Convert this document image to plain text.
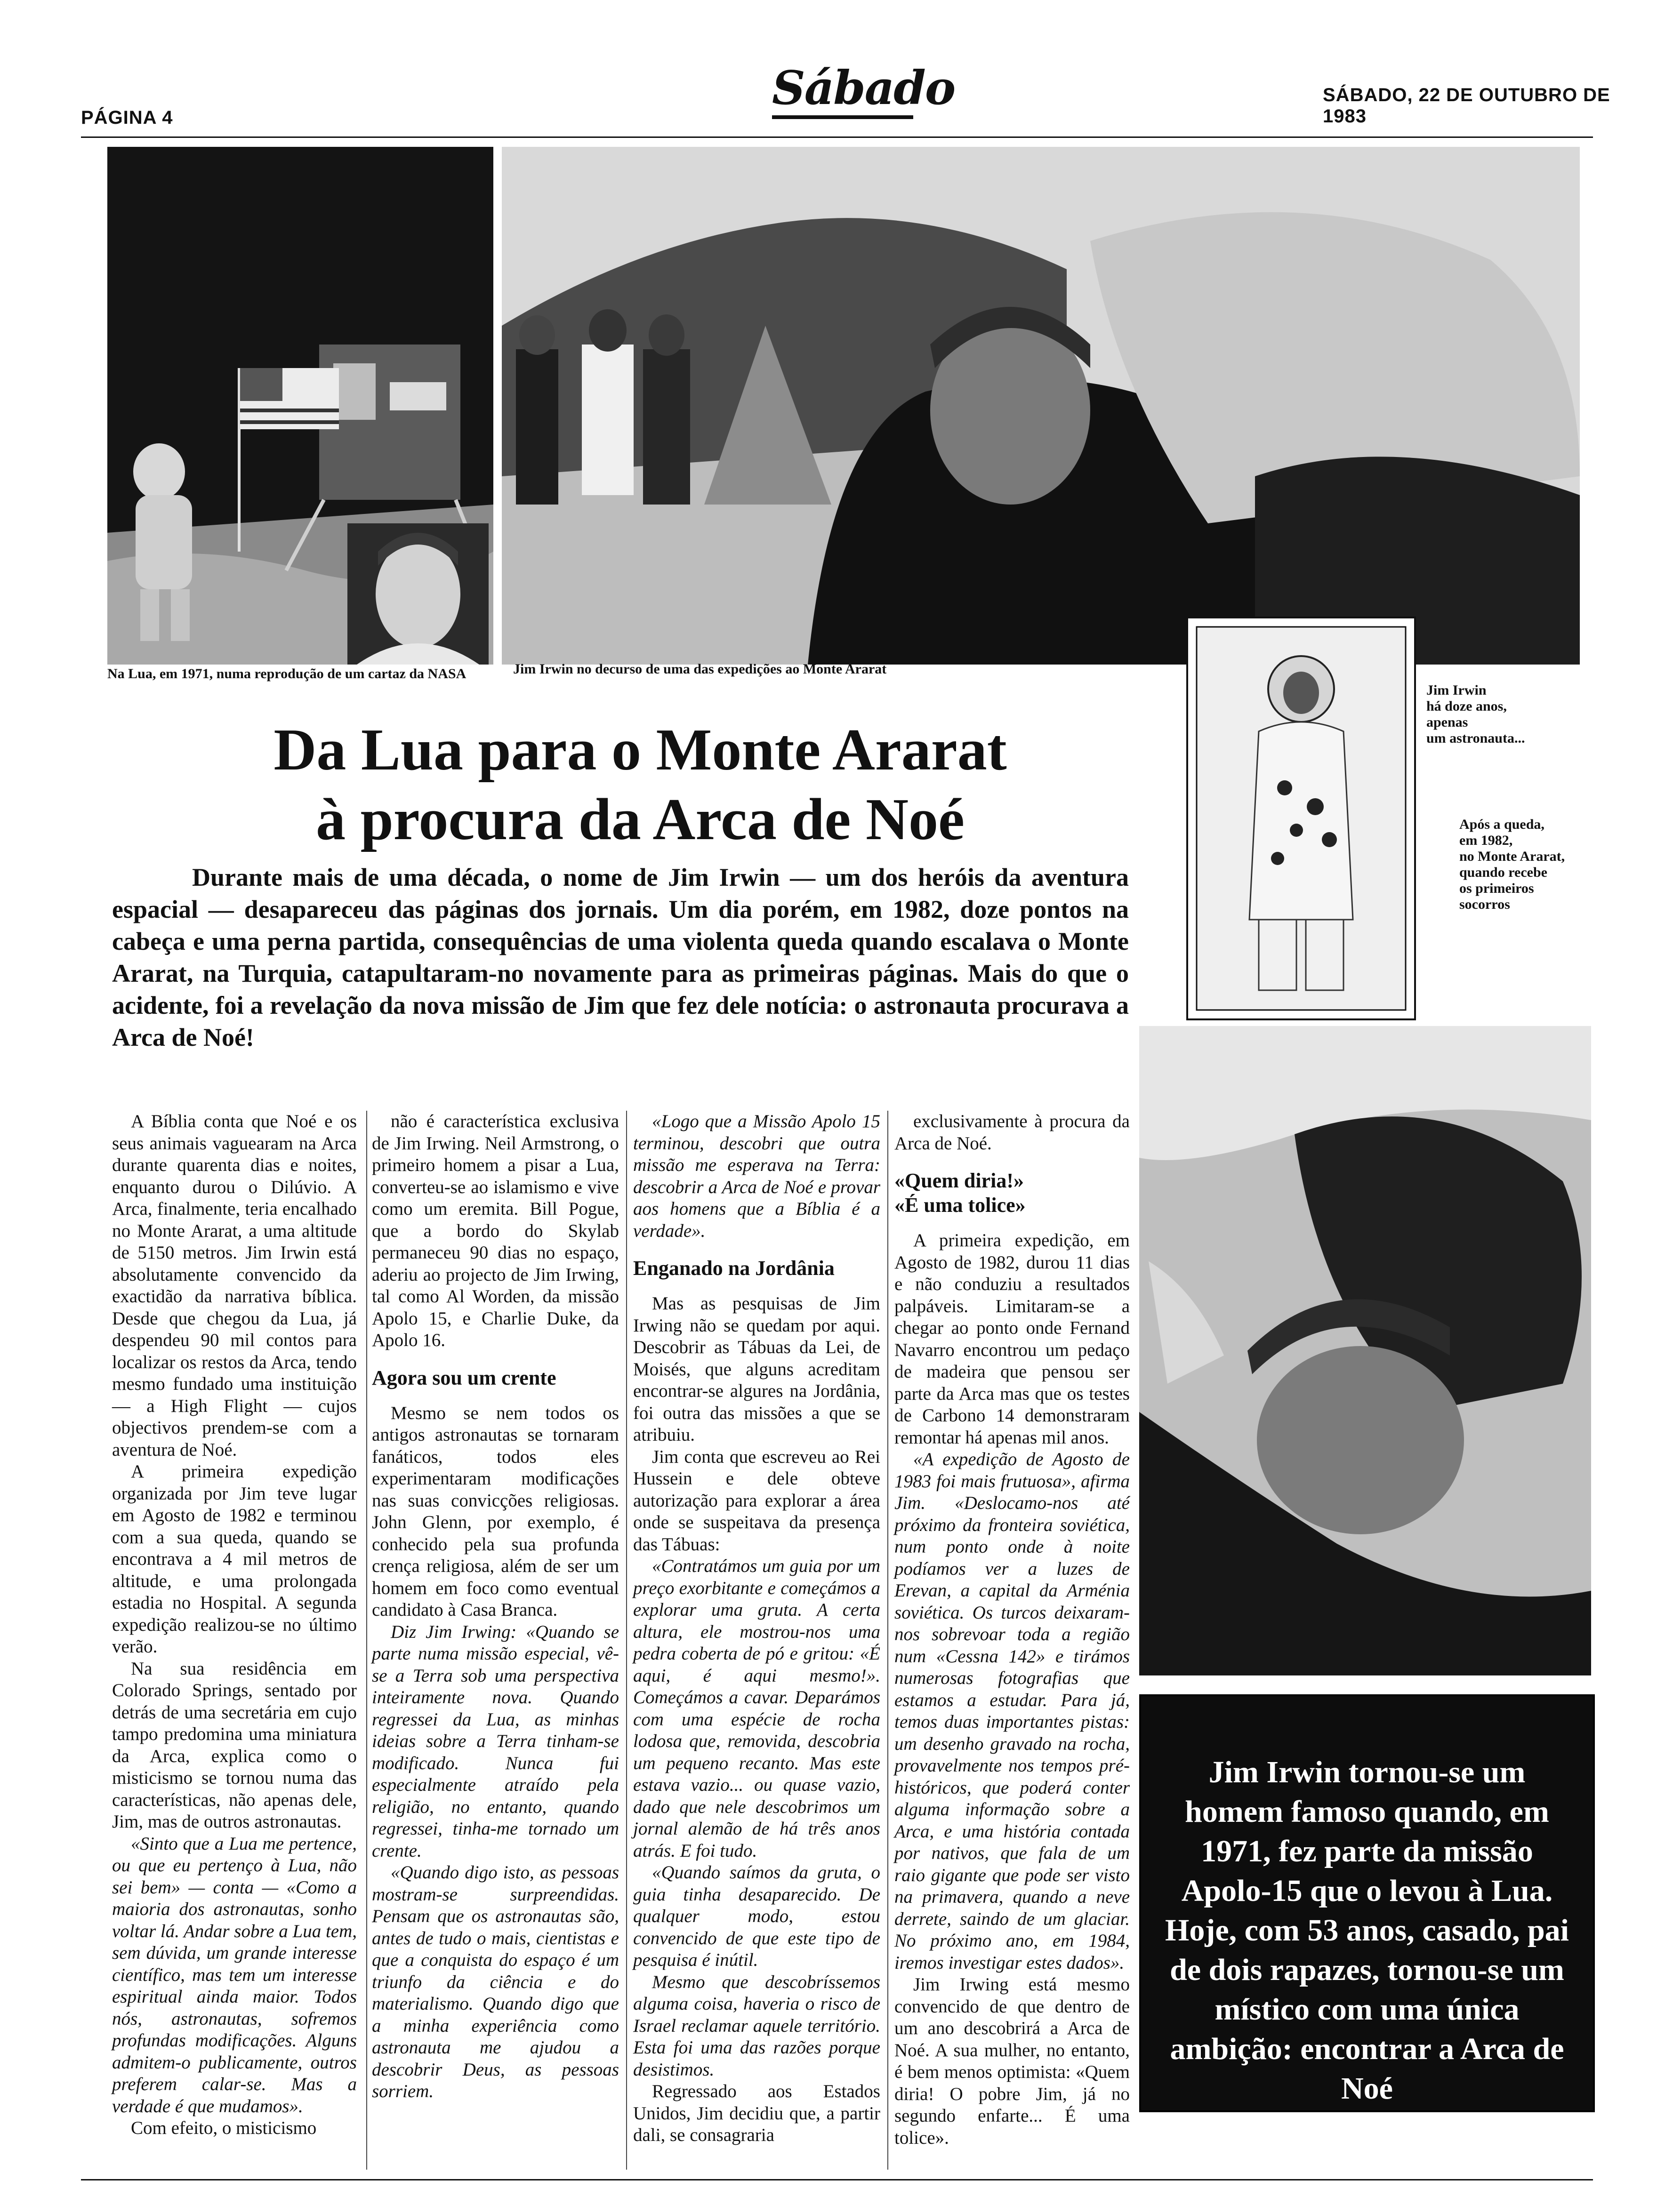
PÁGINA 4
Sábado	SÁBADO, 22 DE OUTUBRO DE 1983
Na Lua, em 1971, numa reprodução de um cartaz da NASA	Jim Irwin no decurso de uma das expedições ao Monte Ararat
Jim Irwin
há doze anos,
apenas
um astronauta...
Após a queda,
em 1982,
no Monte Ararat,
quando recebe
os primeiros
socorros
Da Lua para o Monte Ararat
à procura da Arca de Noé
Durante mais de uma década, o nome de Jim Irwin — um dos heróis da aventura espacial — desapareceu das páginas dos jornais. Um dia porém, em 1982, doze pontos na cabeça e uma perna partida, consequências de uma violenta queda quando escalava o Monte Ararat, na Turquia, catapultaram-no novamente para as primeiras páginas. Mais do que o acidente, foi a revelação da nova missão de Jim que fez dele notícia: o astronauta procurava a Arca de Noé!

A Bíblia conta que Noé e os seus animais vaguearam na Arca durante quarenta dias e noites, enquanto durou o Dilúvio. A Arca, finalmente, teria encalhado no Monte Ararat, a uma altitude de 5150 metros. Jim Irwin está absolutamente convencido da exactidão da narrativa bíblica. Desde que chegou da Lua, já despendeu 90 mil contos para localizar os restos da Arca, tendo mesmo fundado uma instituição — a High Flight — cujos objectivos prendem-se com a aventura de Noé.

A primeira expedição organizada por Jim teve lugar em Agosto de 1982 e terminou com a sua queda, quando se encontrava a 4 mil metros de altitude, e uma prolongada estadia no Hospital. A segunda expedição realizou-se no último verão.

Na sua residência em Colorado Springs, sentado por detrás de uma secretária em cujo tampo predomina uma miniatura da Arca, explica como o misticismo se tornou numa das características, não apenas dele, Jim, mas de outros astronautas.

«Sinto que a Lua me pertence, ou que eu pertenço à Lua, não sei bem» — conta — «Como a maioria dos astronautas, sonho voltar lá. Andar sobre a Lua tem, sem dúvida, um grande interesse científico, mas tem um interesse espiritual ainda maior. Todos nós, astronautas, sofremos profundas modificações. Alguns admitem-o publicamente, outros preferem calar-se. Mas a verdade é que mudamos».

Com efeito, o misticismo

não é característica exclusiva de Jim Irwing. Neil Armstrong, o primeiro homem a pisar a Lua, converteu-se ao islamismo e vive como um eremita. Bill Pogue, que a bordo do Skylab permaneceu 90 dias no espaço, aderiu ao projecto de Jim Irwing, tal como Al Worden, da missão Apolo 15, e Charlie Duke, da Apolo 16.

Agora sou um crente

Mesmo se nem todos os antigos astronautas se tornaram fanáticos, todos eles experimentaram modificações nas suas convicções religiosas. John Glenn, por exemplo, é conhecido pela sua profunda crença religiosa, além de ser um homem em foco como eventual candidato à Casa Branca.

Diz Jim Irwing: «Quando se parte numa missão especial, vê-se a Terra sob uma perspectiva inteiramente nova. Quando regressei da Lua, as minhas ideias sobre a Terra tinham-se modificado. Nunca fui especialmente atraído pela religião, no entanto, quando regressei, tinha-me tornado um crente.

«Quando digo isto, as pessoas mostram-se surpreendidas. Pensam que os astronautas são, antes de tudo o mais, cientistas e que a conquista do espaço é um triunfo da ciência e do materialismo. Quando digo que a minha experiência como astronauta me ajudou a descobrir Deus, as pessoas sorriem.

«Logo que a Missão Apolo 15 terminou, descobri que outra missão me esperava na Terra: descobrir a Arca de Noé e provar aos homens que a Bíblia é a verdade».

Enganado na Jordânia

Mas as pesquisas de Jim Irwing não se quedam por aqui. Descobrir as Tábuas da Lei, de Moisés, que alguns acreditam encontrar-se algures na Jordânia, foi outra das missões a que se atribuiu.

Jim conta que escreveu ao Rei Hussein e dele obteve autorização para explorar a área onde se suspeitava da presença das Tábuas:

«Contratámos um guia por um preço exorbitante e começámos a explorar uma gruta. A certa altura, ele mostrou-nos uma pedra coberta de pó e gritou: «É aqui, é aqui mesmo!». Começámos a cavar. Deparámos com uma espécie de rocha lodosa que, removida, descobria um pequeno recanto. Mas este estava vazio... ou quase vazio, dado que nele descobrimos um jornal alemão de há três anos atrás. E foi tudo.

«Quando saímos da gruta, o guia tinha desaparecido. De qualquer modo, estou convencido de que este tipo de pesquisa é inútil.

Mesmo que descobríssemos alguma coisa, haveria o risco de Israel reclamar aquele território. Esta foi uma das razões porque desistimos.

Regressado aos Estados Unidos, Jim decidiu que, a partir dali, se consagraria

exclusivamente à procura da Arca de Noé.

«Quem diria!»
«É uma tolice»

A primeira expedição, em Agosto de 1982, durou 11 dias e não conduziu a resultados palpáveis. Limitaram-se a chegar ao ponto onde Fernand Navarro encontrou um pedaço de madeira que pensou ser parte da Arca mas que os testes de Carbono 14 demonstraram remontar há apenas mil anos.

«A expedição de Agosto de 1983 foi mais frutuosa», afirma Jim. «Deslocamo-nos até próximo da fronteira soviética, num ponto onde à noite podíamos ver a luzes de Erevan, a capital da Arménia soviética. Os turcos deixaram-nos sobrevoar toda a região num «Cessna 142» e tirámos numerosas fotografias que estamos a estudar. Para já, temos duas importantes pistas: um desenho gravado na rocha, provavelmente nos tempos pré-históricos, que poderá conter alguma informação sobre a Arca, e uma história contada por nativos, que fala de um raio gigante que pode ser visto na primavera, quando a neve derrete, saindo de um glaciar. No próximo ano, em 1984, iremos investigar estes dados».

Jim Irwing está mesmo convencido de que dentro de um ano descobrirá a Arca de Noé. A sua mulher, no entanto, é bem menos optimista: «Quem diria! O pobre Jim, já no segundo enfarte... É uma tolice».

Jim Irwin tornou-se um homem famoso quando, em 1971, fez parte da missão Apolo-15 que o levou à Lua. Hoje, com 53 anos, casado, pai de dois rapazes, tornou-se um místico com uma única ambição: encontrar a Arca de Noé
